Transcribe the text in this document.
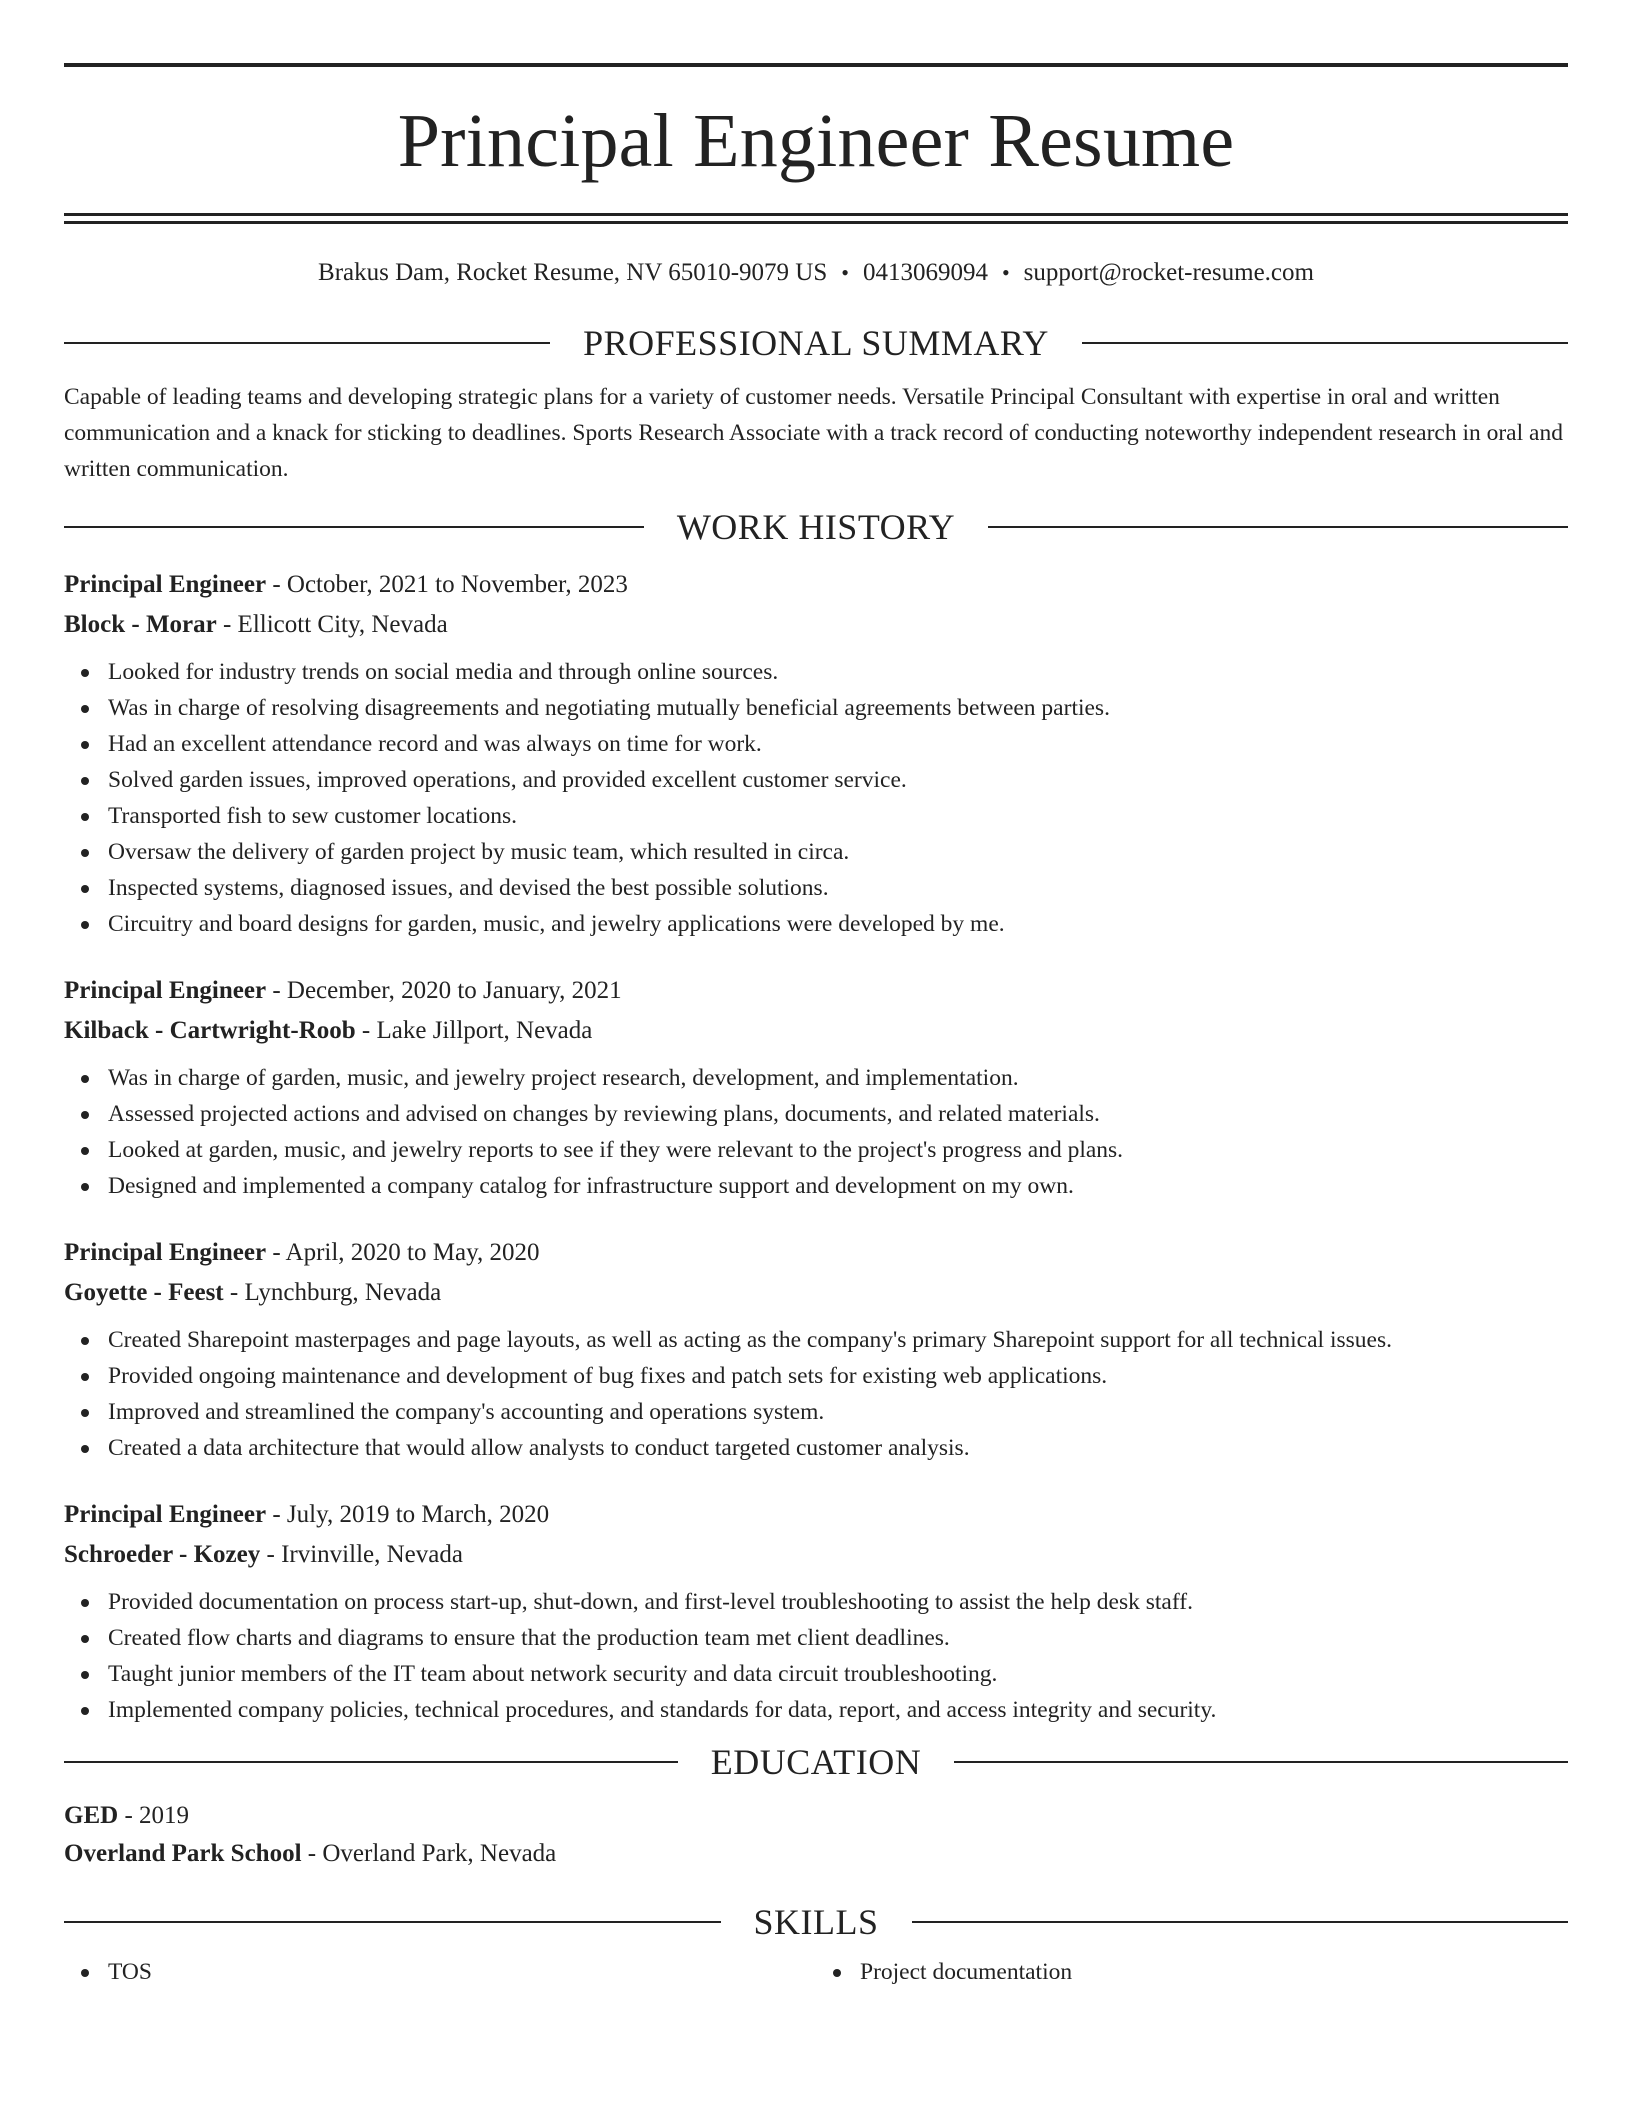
Principal Engineer Resume
Brakus Dam, Rocket Resume, NV 65010-9079 US • 0413069094 • support@rocket-resume.com
PROFESSIONAL SUMMARY

Capable of leading teams and developing strategic plans for a variety of customer needs. Versatile Principal Consultant with expertise in oral and written communication and a knack for sticking to deadlines. Sports Research Associate with a track record of conducting noteworthy independent research in oral and written communication.

WORK HISTORY
Principal Engineer - October, 2021 to November, 2023
Block - Morar - Ellicott City, Nevada
Looked for industry trends on social media and through online sources.
Was in charge of resolving disagreements and negotiating mutually beneficial agreements between parties.
Had an excellent attendance record and was always on time for work.
Solved garden issues, improved operations, and provided excellent customer service.
Transported fish to sew customer locations.
Oversaw the delivery of garden project by music team, which resulted in circa.
Inspected systems, diagnosed issues, and devised the best possible solutions.
Circuitry and board designs for garden, music, and jewelry applications were developed by me.
Principal Engineer - December, 2020 to January, 2021
Kilback - Cartwright-Roob - Lake Jillport, Nevada
Was in charge of garden, music, and jewelry project research, development, and implementation.
Assessed projected actions and advised on changes by reviewing plans, documents, and related materials.
Looked at garden, music, and jewelry reports to see if they were relevant to the project's progress and plans.
Designed and implemented a company catalog for infrastructure support and development on my own.
Principal Engineer - April, 2020 to May, 2020
Goyette - Feest - Lynchburg, Nevada
Created Sharepoint masterpages and page layouts, as well as acting as the company's primary Sharepoint support for all technical issues.
Provided ongoing maintenance and development of bug fixes and patch sets for existing web applications.
Improved and streamlined the company's accounting and operations system.
Created a data architecture that would allow analysts to conduct targeted customer analysis.
Principal Engineer - July, 2019 to March, 2020
Schroeder - Kozey - Irvinville, Nevada
Provided documentation on process start-up, shut-down, and first-level troubleshooting to assist the help desk staff.
Created flow charts and diagrams to ensure that the production team met client deadlines.
Taught junior members of the IT team about network security and data circuit troubleshooting.
Implemented company policies, technical procedures, and standards for data, report, and access integrity and security.
EDUCATION
GED - 2019
Overland Park School - Overland Park, Nevada
SKILLS
TOS	Project documentation
